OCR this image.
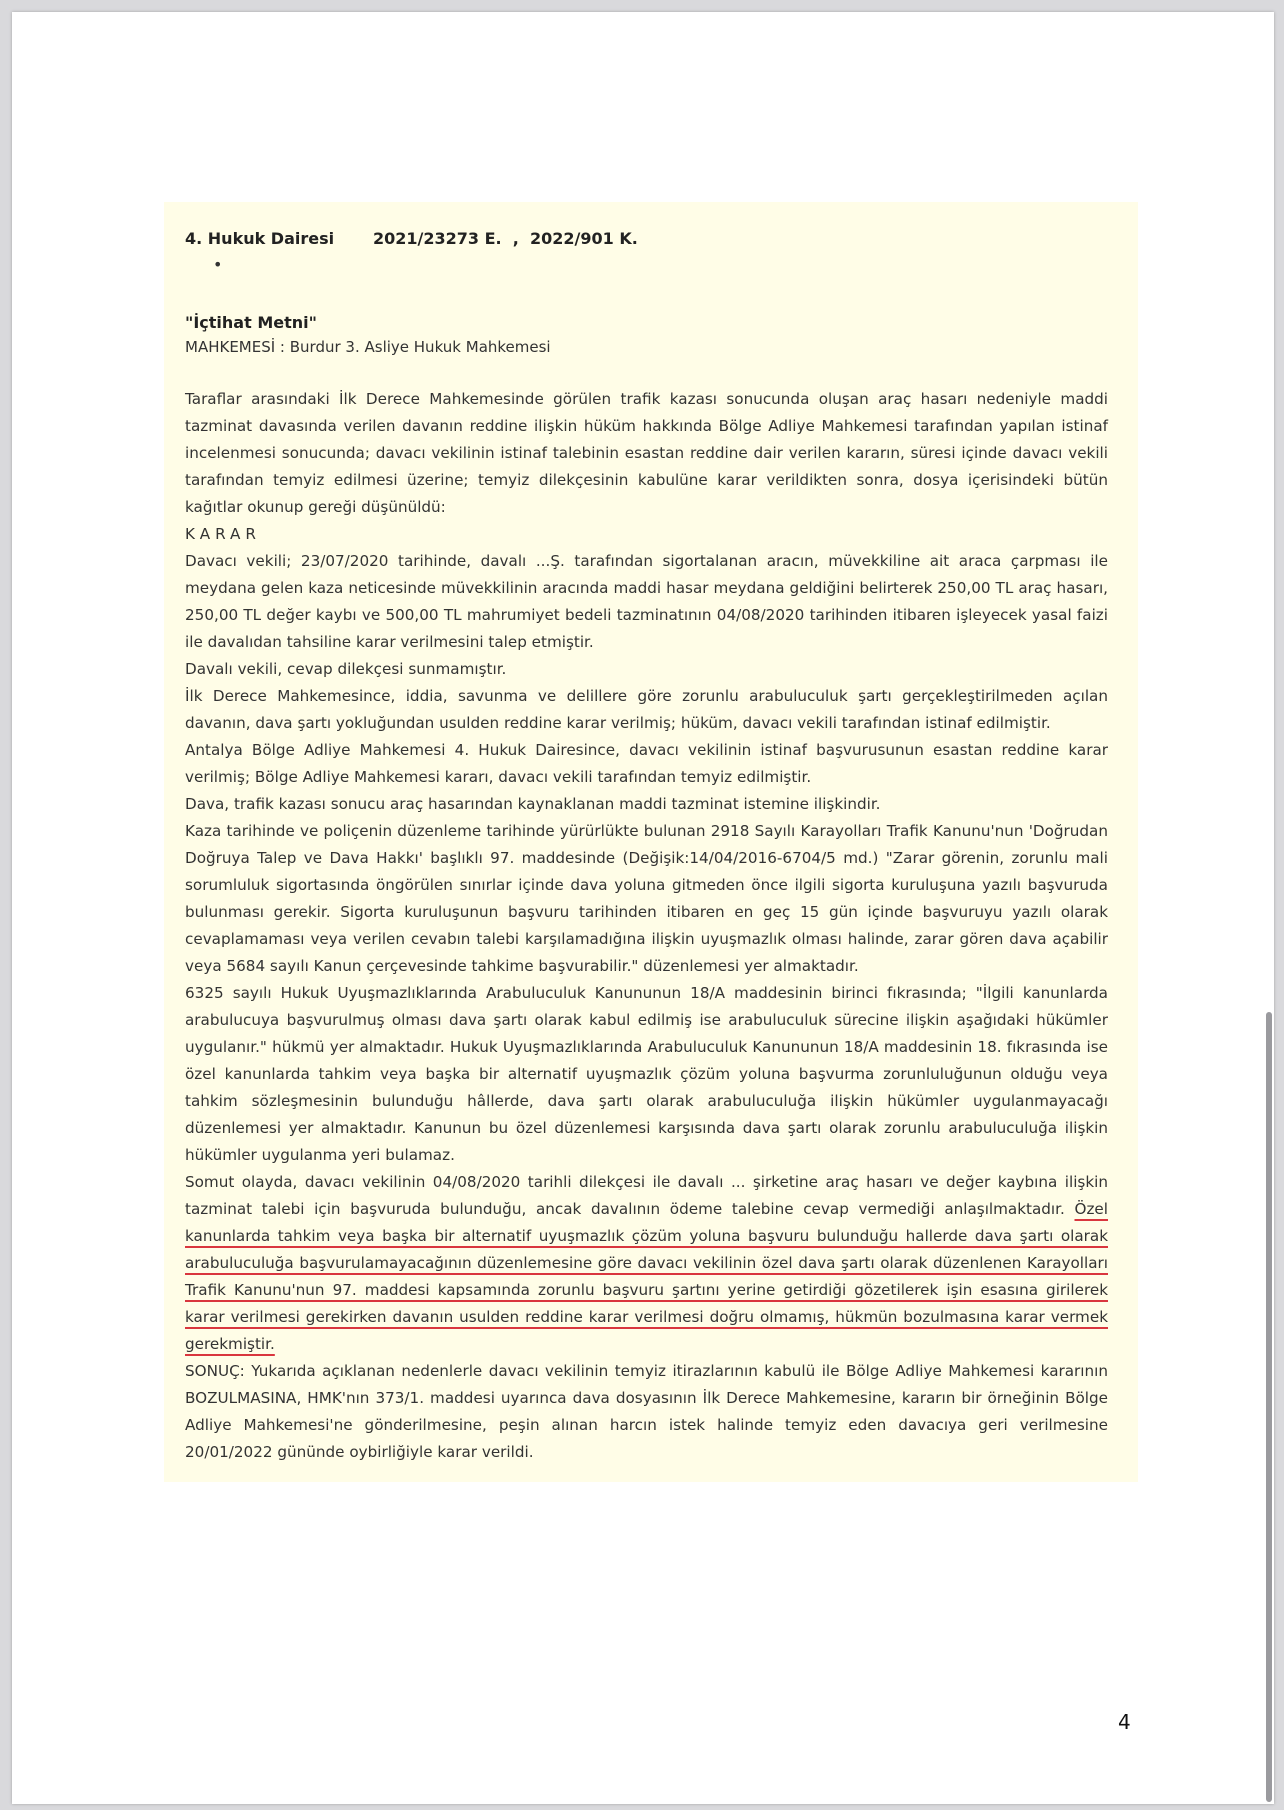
4. Hukuk Dairesi 2021/23273 E.  ,  2022/901 K.
•
"İçtihat Metni"
MAHKEMESİ : Burdur 3. Asliye Hukuk Mahkemesi

Taraflar arasındaki İlk Derece Mahkemesinde görülen trafik kazası sonucunda oluşan araç hasarı nedeniyle maddi tazminat davasında verilen davanın reddine ilişkin hüküm hakkında Bölge Adliye Mahkemesi tarafından yapılan istinaf incelenmesi sonucunda; davacı vekilinin istinaf talebinin esastan reddine dair verilen kararın, süresi içinde davacı vekili tarafından temyiz edilmesi üzerine; temyiz dilekçesinin kabulüne karar verildikten sonra, dosya içerisindeki bütün kağıtlar okunup gereği düşünüldü:

KARAR

Davacı vekili; 23/07/2020 tarihinde, davalı ...Ş. tarafından sigortalanan aracın, müvekkiline ait araca çarpması ile meydana gelen kaza neticesinde müvekkilinin aracında maddi hasar meydana geldiğini belirterek 250,00 TL araç hasarı, 250,00 TL değer kaybı ve 500,00 TL mahrumiyet bedeli tazminatının 04/08/2020 tarihinden itibaren işleyecek yasal faizi ile davalıdan tahsiline karar verilmesini talep etmiştir.

Davalı vekili, cevap dilekçesi sunmamıştır.

İlk Derece Mahkemesince, iddia, savunma ve delillere göre zorunlu arabuluculuk şartı gerçekleştirilmeden açılan davanın, dava şartı yokluğundan usulden reddine karar verilmiş; hüküm, davacı vekili tarafından istinaf edilmiştir.

Antalya Bölge Adliye Mahkemesi 4. Hukuk Dairesince, davacı vekilinin istinaf başvurusunun esastan reddine karar verilmiş; Bölge Adliye Mahkemesi kararı, davacı vekili tarafından temyiz edilmiştir.

Dava, trafik kazası sonucu araç hasarından kaynaklanan maddi tazminat istemine ilişkindir.

Kaza tarihinde ve poliçenin düzenleme tarihinde yürürlükte bulunan 2918 Sayılı Karayolları Trafik Kanunu'nun 'Doğrudan Doğruya Talep ve Dava Hakkı' başlıklı 97. maddesinde (Değişik:14/04/2016-6704/5 md.) "Zarar görenin, zorunlu mali sorumluluk sigortasında öngörülen sınırlar içinde dava yoluna gitmeden önce ilgili sigorta kuruluşuna yazılı başvuruda bulunması gerekir. Sigorta kuruluşunun başvuru tarihinden itibaren en geç 15 gün içinde başvuruyu yazılı olarak cevaplamaması veya verilen cevabın talebi karşılamadığına ilişkin uyuşmazlık olması halinde, zarar gören dava açabilir veya 5684 sayılı Kanun çerçevesinde tahkime başvurabilir." düzenlemesi yer almaktadır.

6325 sayılı Hukuk Uyuşmazlıklarında Arabuluculuk Kanununun 18/A maddesinin birinci fıkrasında; "İlgili kanunlarda arabulucuya başvurulmuş olması dava şartı olarak kabul edilmiş ise arabuluculuk sürecine ilişkin aşağıdaki hükümler uygulanır." hükmü yer almaktadır. Hukuk Uyuşmazlıklarında Arabuluculuk Kanununun 18/A maddesinin 18. fıkrasında ise özel kanunlarda tahkim veya başka bir alternatif uyuşmazlık çözüm yoluna başvurma zorunluluğunun olduğu veya tahkim sözleşmesinin bulunduğu hâllerde, dava şartı olarak arabuluculuğa ilişkin hükümler uygulanmayacağı düzenlemesi yer almaktadır. Kanunun bu özel düzenlemesi karşısında dava şartı olarak zorunlu arabuluculuğa ilişkin hükümler uygulanma yeri bulamaz.

Somut olayda, davacı vekilinin 04/08/2020 tarihli dilekçesi ile davalı ... şirketine araç hasarı ve değer kaybına ilişkin tazminat talebi için başvuruda bulunduğu, ancak davalının ödeme talebine cevap vermediği anlaşılmaktadır. Özel kanunlarda tahkim veya başka bir alternatif uyuşmazlık çözüm yoluna başvuru bulunduğu hallerde dava şartı olarak arabuluculuğa başvurulamayacağının düzenlemesine göre davacı vekilinin özel dava şartı olarak düzenlenen Karayolları Trafik Kanunu'nun 97. maddesi kapsamında zorunlu başvuru şartını yerine getirdiği gözetilerek işin esasına girilerek karar verilmesi gerekirken davanın usulden reddine karar verilmesi doğru olmamış, hükmün bozulmasına karar vermek gerekmiştir.

SONUÇ: Yukarıda açıklanan nedenlerle davacı vekilinin temyiz itirazlarının kabulü ile Bölge Adliye Mahkemesi kararının BOZULMASINA, HMK'nın 373/1. maddesi uyarınca dava dosyasının İlk Derece Mahkemesine, kararın bir örneğinin Bölge Adliye Mahkemesi'ne gönderilmesine, peşin alınan harcın istek halinde temyiz eden davacıya geri verilmesine 20/01/2022 gününde oybirliğiyle karar verildi.

4
